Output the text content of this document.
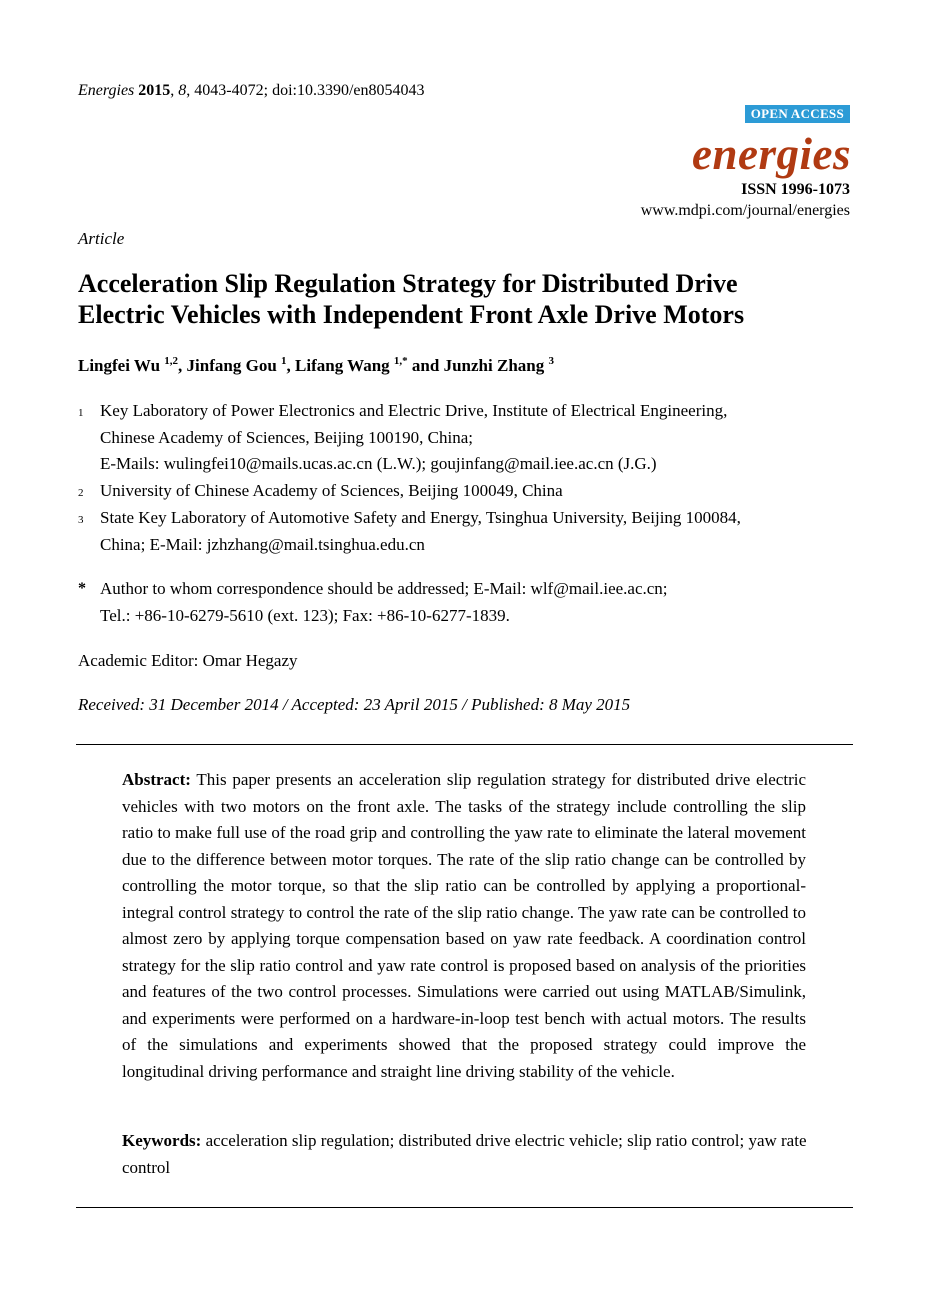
Energies 2015, 8, 4043-4072; doi:10.3390/en8054043
OPEN ACCESS
energies
ISSN 1996-1073
www.mdpi.com/journal/energies
Article
Acceleration Slip Regulation Strategy for Distributed Drive
Electric Vehicles with Independent Front Axle Drive Motors
Lingfei Wu $^{1,2}$, Jinfang Gou $^1$, Lifang Wang $^{1,*}$ and Junzhi Zhang $^3$
1 Key Laboratory of Power Electronics and Electric Drive, Institute of Electrical Engineering,
Chinese Academy of Sciences, Beijing 100190, China;
E-Mails: wulingfei10@mails.ucas.ac.cn (L.W.); goujinfang@mail.iee.ac.cn (J.G.)
2 University of Chinese Academy of Sciences, Beijing 100049, China
3 State Key Laboratory of Automotive Safety and Energy, Tsinghua University, Beijing 100084,
China; E-Mail: jzhzhang@mail.tsinghua.edu.cn
* Author to whom correspondence should be addressed; E-Mail: wlf@mail.iee.ac.cn;
Tel.: +86-10-6279-5610 (ext. 123); Fax: +86-10-6277-1839.
Academic Editor: Omar Hegazy
Received: 31 December 2014 / Accepted: 23 April 2015 / Published: 8 May 2015
Abstract: This paper presents an acceleration slip regulation strategy for distributed drive electric vehicles with two motors on the front axle. The tasks of the strategy include controlling the slip ratio to make full use of the road grip and controlling the yaw rate to eliminate the lateral movement due to the difference between motor torques. The rate of the slip ratio change can be controlled by controlling the motor torque, so that the slip ratio can be controlled by applying a proportional-integral control strategy to control the rate of the slip ratio change. The yaw rate can be controlled to almost zero by applying torque compensation based on yaw rate feedback. A coordination control strategy for the slip ratio control and yaw rate control is proposed based on analysis of the priorities and features of the two control processes. Simulations were carried out using MATLAB/Simulink, and experiments were performed on a hardware-in-loop test bench with actual motors. The results of the simulations and experiments showed that the proposed strategy could improve the longitudinal driving performance and straight line driving stability of the vehicle.
Keywords: acceleration slip regulation; distributed drive electric vehicle; slip ratio control; yaw rate control
